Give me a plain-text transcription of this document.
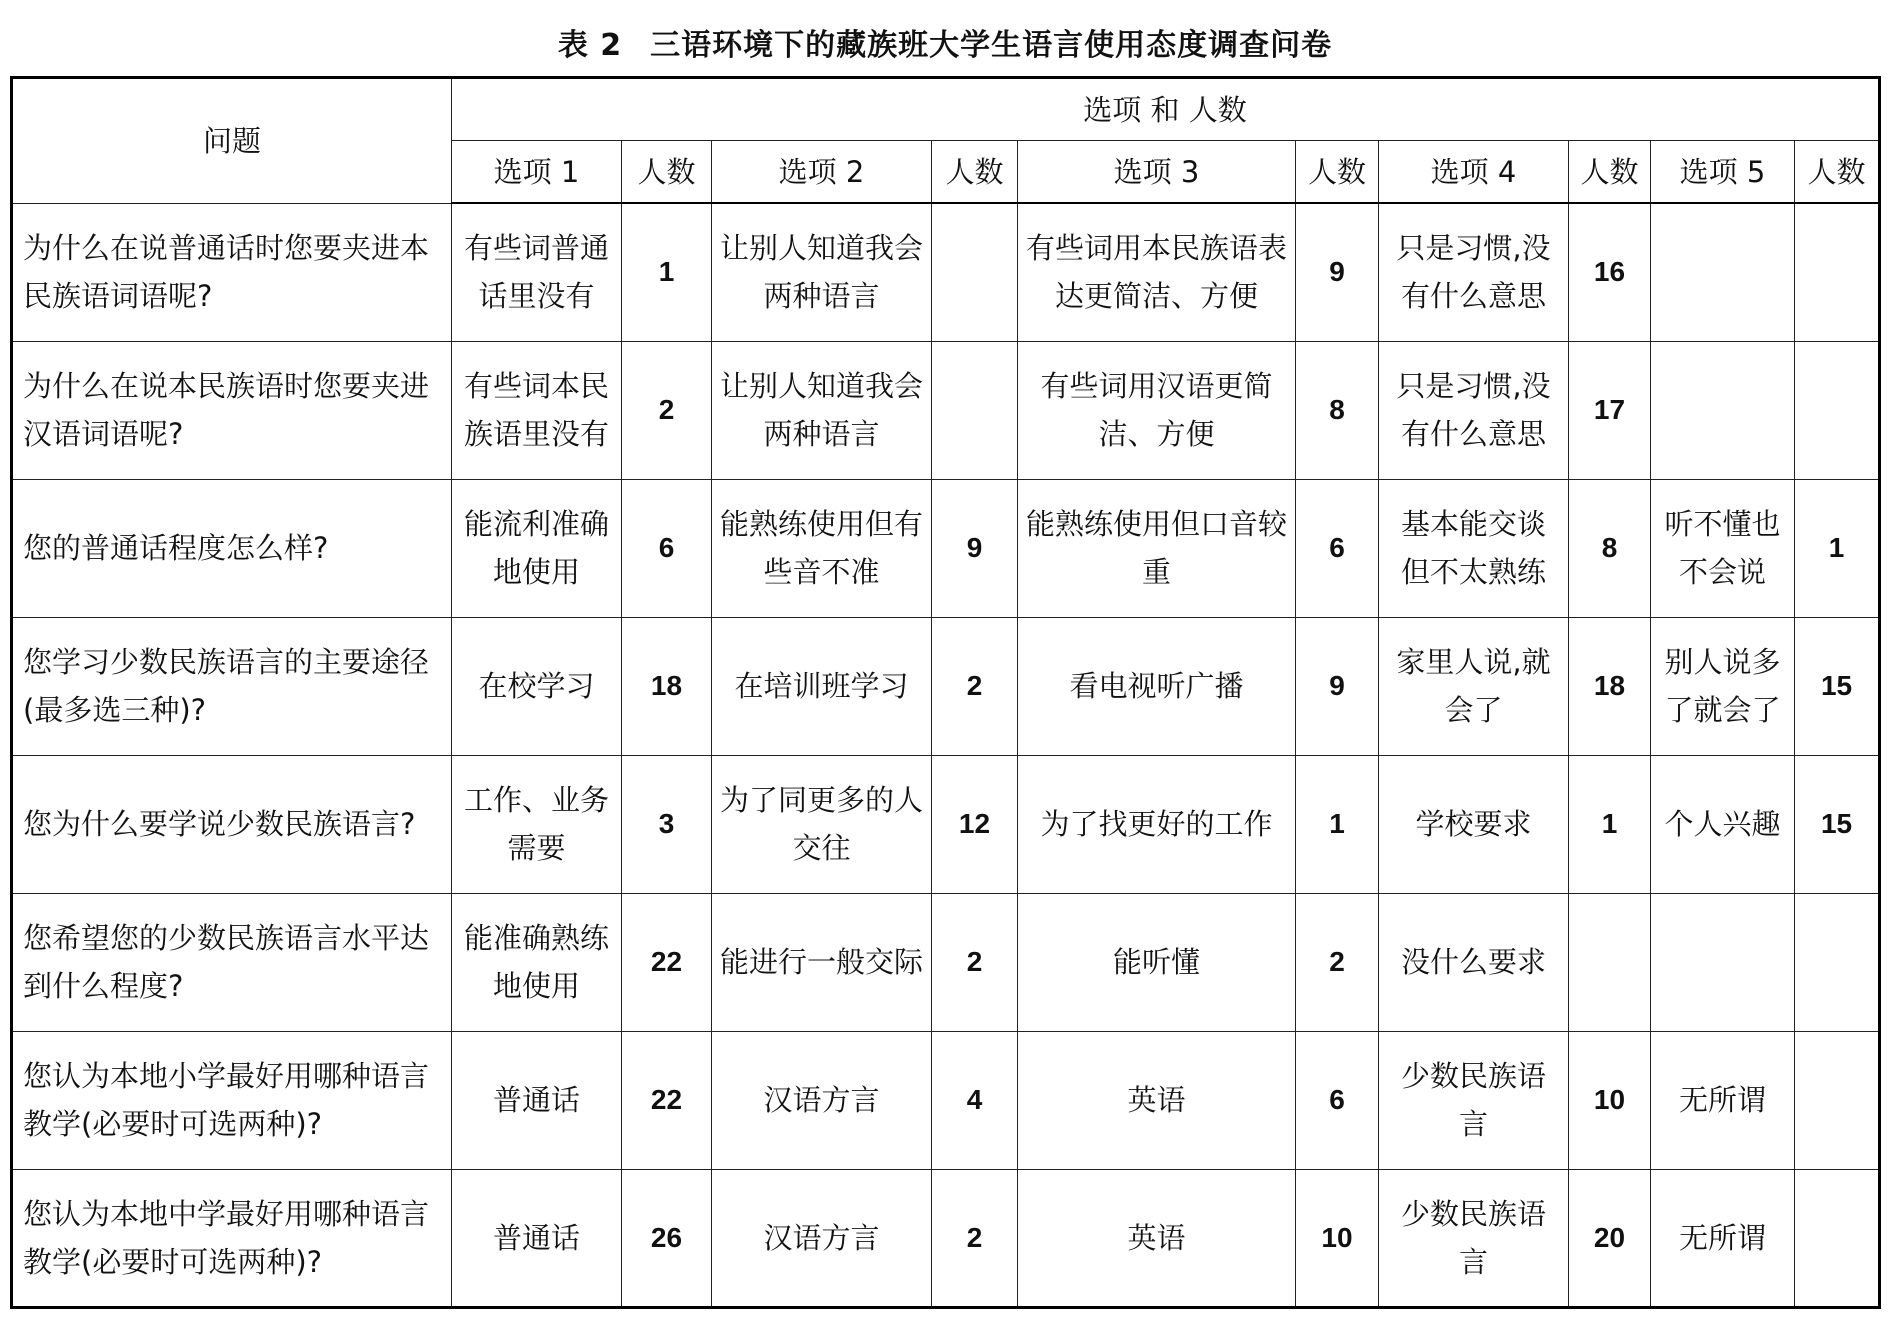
表 2 三语环境下的藏族班大学生语言使用态度调查问卷
问题	选项 和 人数									
	选项 1	人数	选项 2	人数	选项 3	人数	选项 4	人数	选项 5	人数
为什么在说普通话时您要夹进本民族语词语呢?	有些词普通话里没有	1	让别人知道我会两种语言		有些词用本民族语表达更简洁、方便	9	只是习惯,没有什么意思	16		
为什么在说本民族语时您要夹进汉语词语呢?	有些词本民族语里没有	2	让别人知道我会两种语言		有些词用汉语更简洁、方便	8	只是习惯,没有什么意思	17		
您的普通话程度怎么样?	能流利准确地使用	6	能熟练使用但有些音不准	9	能熟练使用但口音较重	6	基本能交谈但不太熟练	8	听不懂也不会说	1
您学习少数民族语言的主要途径(最多选三种)?	在校学习	18	在培训班学习	2	看电视听广播	9	家里人说,就会了	18	别人说多了就会了	15
您为什么要学说少数民族语言?	工作、业务需要	3	为了同更多的人交往	12	为了找更好的工作	1	学校要求	1	个人兴趣	15
您希望您的少数民族语言水平达到什么程度?	能准确熟练地使用	22	能进行一般交际	2	能听懂	2	没什么要求			
您认为本地小学最好用哪种语言教学(必要时可选两种)?	普通话	22	汉语方言	4	英语	6	少数民族语言	10	无所谓	
您认为本地中学最好用哪种语言教学(必要时可选两种)?	普通话	26	汉语方言	2	英语	10	少数民族语言	20	无所谓	
